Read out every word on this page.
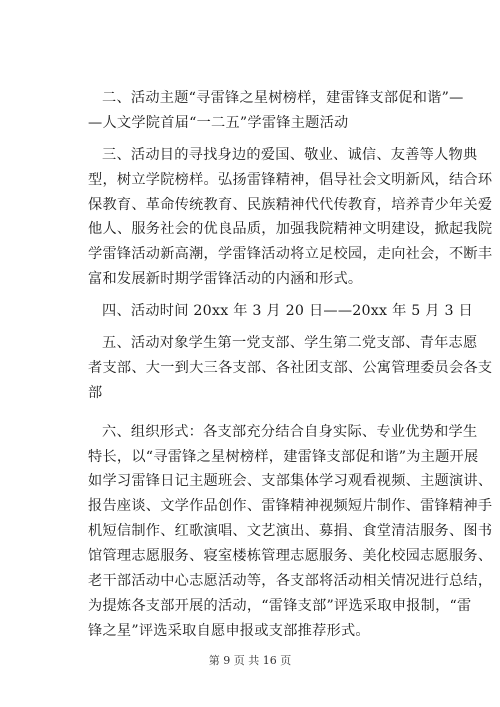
二、活动主题“寻雷锋之星树榜样，建雷锋支部促和谐”—
—人文学院首届“一二五”学雷锋主题活动
三、活动目的寻找身边的爱国、敬业、诚信、友善等人物典
型，树立学院榜样。弘扬雷锋精神，倡导社会文明新风，结合环
保教育、革命传统教育、民族精神代代传教育，培养青少年关爱
他人、服务社会的优良品质，加强我院精神文明建设，掀起我院
学雷锋活动新高潮，学雷锋活动将立足校园，走向社会，不断丰
富和发展新时期学雷锋活动的内涵和形式。
四、活动时间 20xx 年 3 月 20 日——20xx 年 5 月 3 日
五、活动对象学生第一党支部、学生第二党支部、青年志愿
者支部、大一到大三各支部、各社团支部、公寓管理委员会各支
部
六、组织形式：各支部充分结合自身实际、专业优势和学生
特长，以“寻雷锋之星树榜样，建雷锋支部促和谐”为主题开展
如学习雷锋日记主题班会、支部集体学习观看视频、主题演讲、
报告座谈、文学作品创作、雷锋精神视频短片制作、雷锋精神手
机短信制作、红歌演唱、文艺演出、募捐、食堂清洁服务、图书
馆管理志愿服务、寝室楼栋管理志愿服务、美化校园志愿服务、
老干部活动中心志愿活动等，各支部将活动相关情况进行总结，
为提炼各支部开展的活动，“雷锋支部”评选采取申报制，“雷
锋之星”评选采取自愿申报或支部推荐形式。
第 9 页 共 16 页
